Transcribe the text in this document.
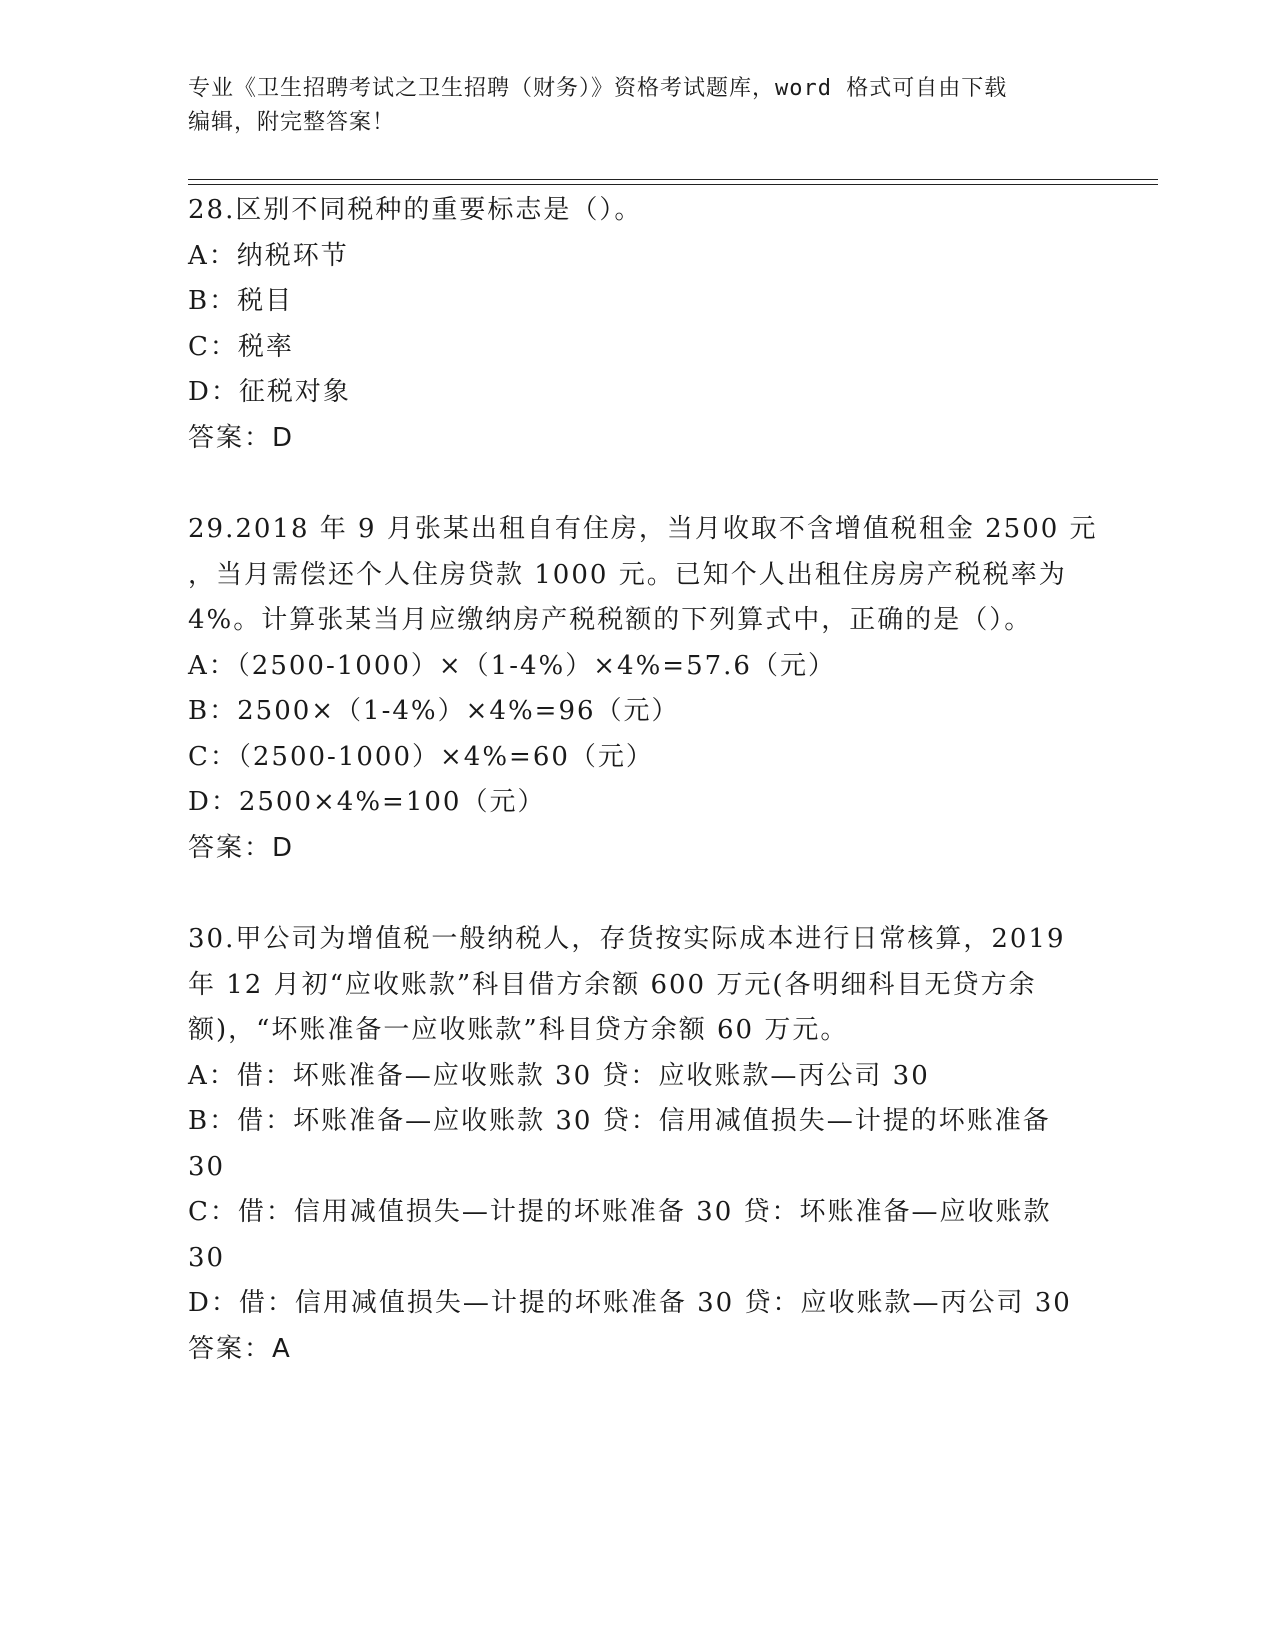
专业《卫生招聘考试之卫生招聘（财务）》资格考试题库，word 格式可自由下载
编辑，附完整答案！
28.区别不同税种的重要标志是（）。
A：纳税环节
B：税目
C：税率
D：征税对象
答案：D
29.2018 年 9 月张某出租自有住房，当月收取不含增值税租金 2500 元
，当月需偿还个人住房贷款 1000 元。已知个人出租住房房产税税率为
4%。计算张某当月应缴纳房产税税额的下列算式中，正确的是（）。
A：（2500-1000）×（1-4%）×4%=57.6（元）
B：2500×（1-4%）×4%=96（元）
C：（2500-1000）×4%=60（元）
D：2500×4%=100（元）
答案：D
30.甲公司为增值税一般纳税人，存货按实际成本进行日常核算，2019
年 12 月初“应收账款”科目借方余额 600 万元(各明细科目无贷方余
额)，“坏账准备一应收账款”科目贷方余额 60 万元。
A：借：坏账准备—应收账款 30 贷：应收账款—丙公司 30
B：借：坏账准备—应收账款 30 贷：信用减值损失—计提的坏账准备
30
C：借：信用减值损失—计提的坏账准备 30 贷：坏账准备—应收账款
30
D：借：信用减值损失—计提的坏账准备 30 贷：应收账款—丙公司 30
答案：A
